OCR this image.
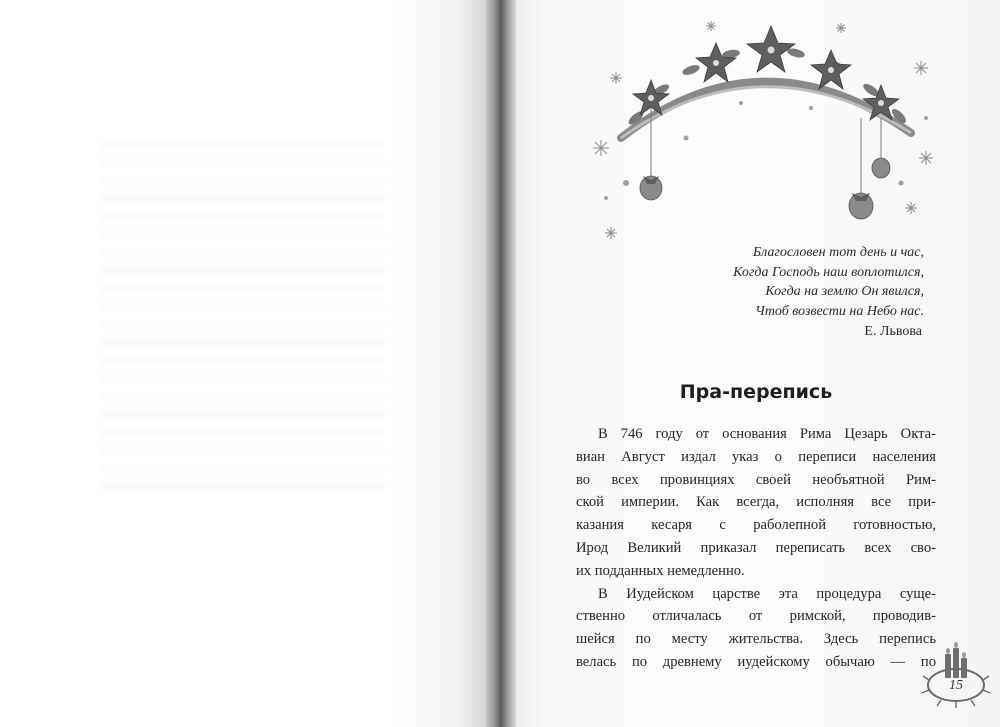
Благословен тот день и час,
Когда Господь наш воплотился,
Когда на землю Он явился,
Чтоб возвести на Небо нас.
Е. Львова
Пра-перепись
В 746 году от основания Рима Цезарь Окта-
виан Август издал указ о переписи населения
во всех провинциях своей необъятной Рим-
ской империи. Как всегда, исполняя все при-
казания кесаря с раболепной готовностью,
Ирод Великий приказал переписать всех сво-
их подданных немедленно.
В Иудейском царстве эта процедура суще-
ственно отличалась от римской, проводив-
шейся по месту жительства. Здесь перепись
велась по древнему иудейскому обычаю — по
15
